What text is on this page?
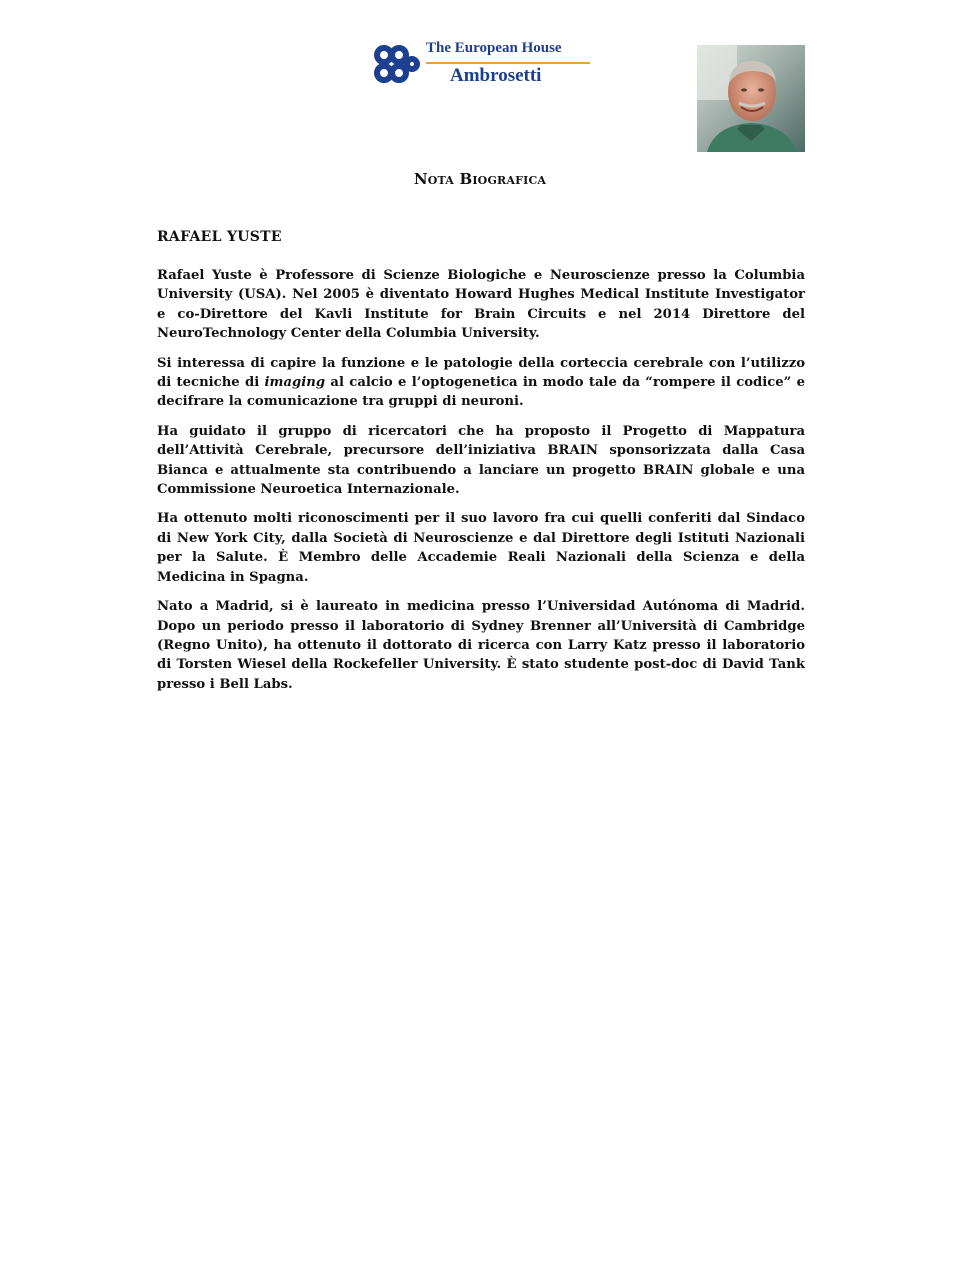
The European House
Ambrosetti
Nota Biografica
RAFAEL YUSTE

Rafael Yuste è Professore di Scienze Biologiche e Neuroscienze presso la Columbia University (USA). Nel 2005 è diventato Howard Hughes Medical Institute Investigator e co-Direttore del Kavli Institute for Brain Circuits e nel 2014 Direttore del NeuroTechnology Center della Columbia University.

Si interessa di capire la funzione e le patologie della corteccia cerebrale con l’utilizzo di tecniche di imaging al calcio e l’optogenetica in modo tale da “rompere il codice” e decifrare la comunicazione tra gruppi di neuroni.

Ha guidato il gruppo di ricercatori che ha proposto il Progetto di Mappatura dell’Attività Cerebrale, precursore dell’iniziativa BRAIN sponsorizzata dalla Casa Bianca e attualmente sta contribuendo a lanciare un progetto BRAIN globale e una Commissione Neuroetica Internazionale.

Ha ottenuto molti riconoscimenti per il suo lavoro fra cui quelli conferiti dal Sindaco di New York City, dalla Società di Neuroscienze e dal Direttore degli Istituti Nazionali per la Salute. È Membro delle Accademie Reali Nazionali della Scienza e della Medicina in Spagna.

Nato a Madrid, si è laureato in medicina presso l’Universidad Autónoma di Madrid. Dopo un periodo presso il laboratorio di Sydney Brenner all’Università di Cambridge (Regno Unito), ha ottenuto il dottorato di ricerca con Larry Katz presso il laboratorio di Torsten Wiesel della Rockefeller University. È stato studente post-doc di David Tank presso i Bell Labs.
